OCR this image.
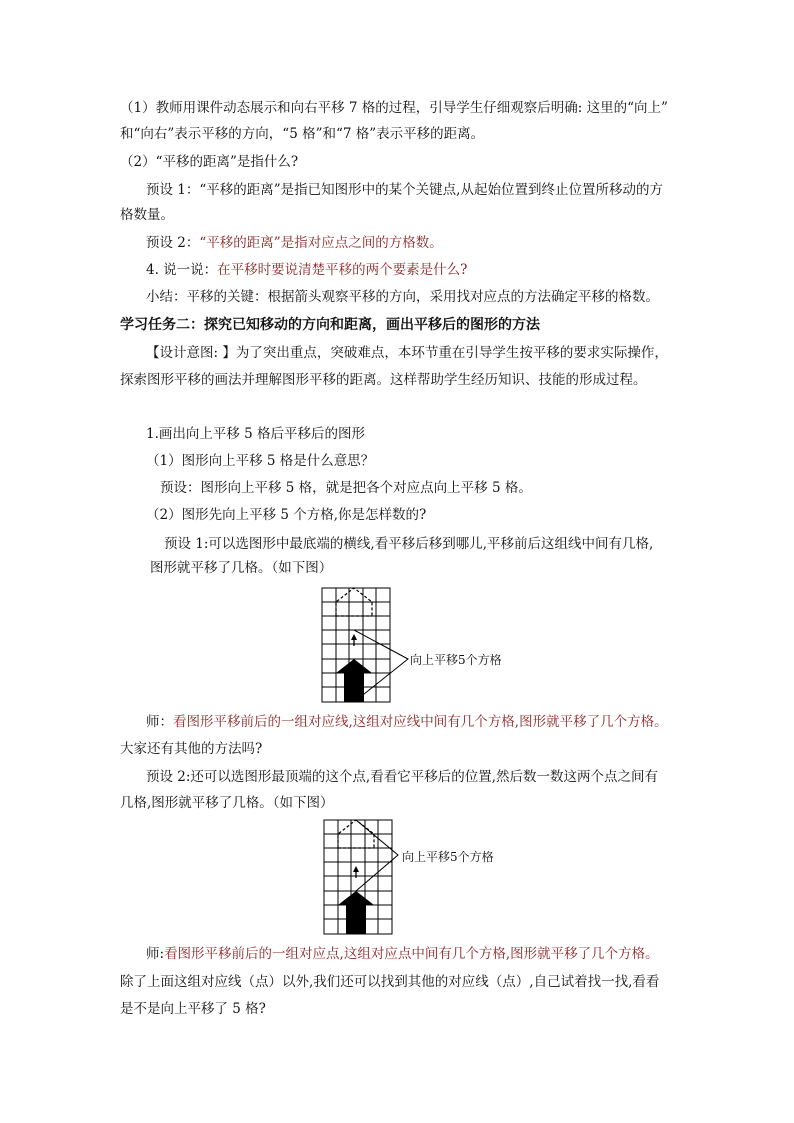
（1）教师用课件动态展示和向右平移 7 格的过程，引导学生仔细观察后明确: 这里的“向上”
和“向右”表示平移的方向，“5 格”和“7 格”表示平移的距离。
（2）“平移的距离”是指什么?
预设 1：“平移的距离”是指已知图形中的某个关键点,从起始位置到终止位置所移动的方
格数量。
预设 2：“平移的距离”是指对应点之间的方格数。
4. 说一说：在平移时要说清楚平移的两个要素是什么?
小结：平移的关键：根据箭头观察平移的方向，采用找对应点的方法确定平移的格数。
学习任务二：探究已知移动的方向和距离，画出平移后的图形的方法
【设计意图: 】为了突出重点，突破难点，本环节重在引导学生按平移的要求实际操作，
探索图形平移的画法并理解图形平移的距离。这样帮助学生经历知识、技能的形成过程。
1.画出向上平移 5 格后平移后的图形
（1）图形向上平移 5 格是什么意思？
预设：图形向上平移 5 格，就是把各个对应点向上平移 5 格。
（2）图形先向上平移 5 个方格,你是怎样数的?
预设 1:可以选图形中最底端的横线,看平移后移到哪儿,平移前后这组线中间有几格,
图形就平移了几格。（如下图）
向上平移5个方格
师：看图形平移前后的一组对应线,这组对应线中间有几个方格,图形就平移了几个方格。
大家还有其他的方法吗?
预设 2:还可以选图形最顶端的这个点,看看它平移后的位置,然后数一数这两个点之间有
几格,图形就平移了几格。（如下图）
向上平移5个方格
师:看图形平移前后的一组对应点,这组对应点中间有几个方格,图形就平移了几个方格。
除了上面这组对应线（点）以外,我们还可以找到其他的对应线（点）,自己试着找一找,看看
是不是向上平移了 5 格?
